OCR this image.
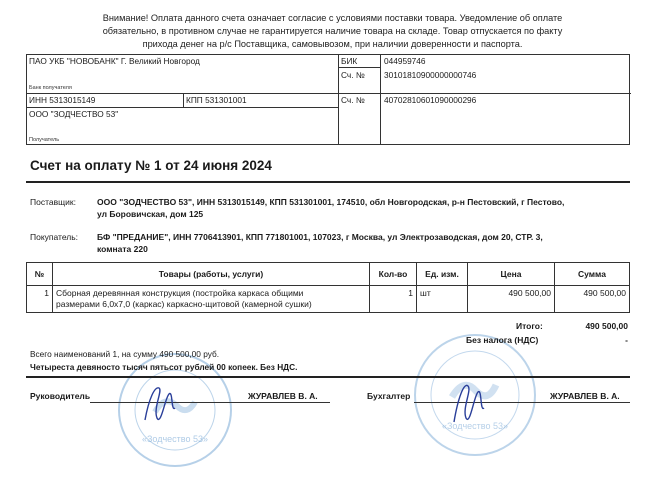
Внимание! Оплата данного счета означает согласие с условиями поставки товара. Уведомление об оплате
обязательно, в противном случае не гарантируется наличие товара на складе. Товар отпускается по факту
прихода денег на р/с Поставщика, самовывозом, при наличии доверенности и паспорта.
ПАО УКБ "НОВОБАНК" Г. Великий Новгород
Банк получателя
БИК	044959746
Сч. № 30101810900000000746
ИНН 5313015149	КПП 531301001	Сч. № 40702810601090000296
ООО "ЗОДЧЕСТВО 53"
Получатель
Счет на оплату № 1 от 24 июня 2024
Поставщик:	ООО "ЗОДЧЕСТВО 53", ИНН 5313015149, КПП 531301001, 174510, обл Новгородская, р-н Пестовский, г Пестово,
ул Боровичская, дом 125
Покупатель:	БФ "ПРЕДАНИЕ", ИНН 7706413901, КПП 771801001, 107023, г Москва, ул Электрозаводская, дом 20, СТР. 3,
комната 220
№	Товары (работы, услуги)	Кол-во	Ед. изм.	Цена	Сумма
1	Сборная деревянная конструкция (постройка каркаса общими
размерами 6,0х7,0 (каркас) каркасно-щитовой (камерной сушки)	1	шт	490 500,00	490 500,00
«Зодчество 53»
«Зодчество 53»
Итого:	490 500,00
Без налога (НДС)	-
Всего наименований 1, на сумму 490 500,00 руб.
Четыреста девяносто тысяч пятьсот рублей 00 копеек. Без НДС.
Руководитель	ЖУРАВЛЕВ В. А.	Бухгалтер	ЖУРАВЛЕВ В. А.
